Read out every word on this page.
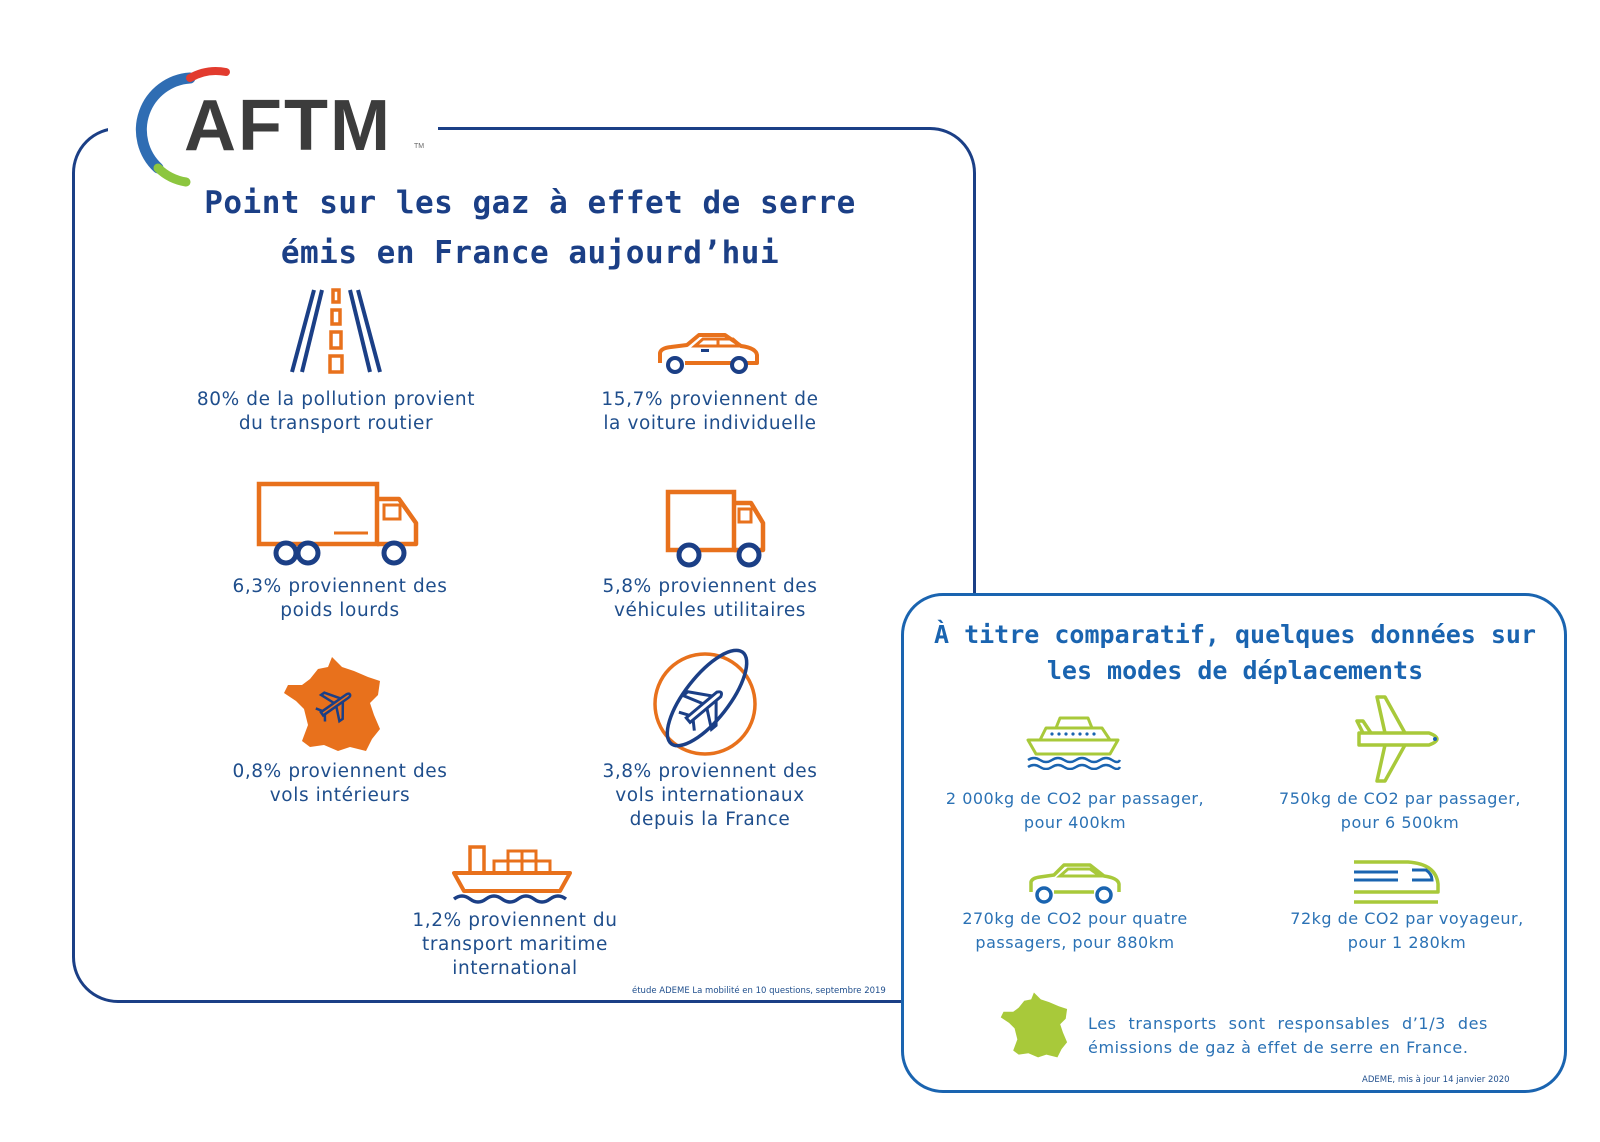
AFTM	TM
Point sur les gaz à effet de serre
émis en France aujourd’hui
80% de la pollution provient
du transport routier
15,7% proviennent de
la voiture individuelle
6,3% proviennent des
poids lourds
5,8% proviennent des
véhicules utilitaires
0,8% proviennent des
vols intérieurs
3,8% proviennent des
vols internationaux
depuis la France
1,2% proviennent du
transport maritime
international
étude ADEME La mobilité en 10 questions, septembre 2019
À titre comparatif, quelques données sur
les modes de déplacements
2 000kg de CO2 par passager,
pour 400km
750kg de CO2 par passager,
pour 6 500km
270kg de CO2 pour quatre
passagers, pour 880km
72kg de CO2 par voyageur,
pour 1 280km
Les transports sont responsables d’1/3 des émissions de gaz à effet de serre en France.
ADEME, mis à jour 14 janvier 2020
